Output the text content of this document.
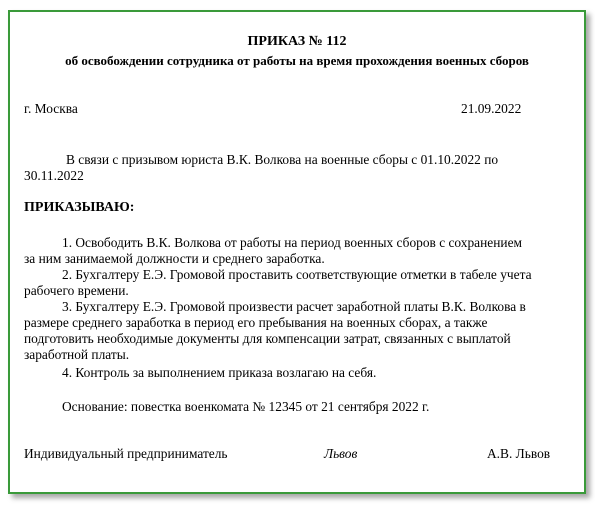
ПРИКАЗ № 112
об освобождении сотрудника от работы на время прохождения военных сборов
г. Москва	21.09.2022
В связи с призывом юриста В.К. Волкова на военные сборы с 01.10.2022 по
30.11.2022
ПРИКАЗЫВАЮ:
1. Освободить В.К. Волкова от работы на период военных сборов с сохранением
за ним занимаемой должности и среднего заработка.
2. Бухгалтеру Е.Э. Громовой проставить соответствующие отметки в табеле учета
рабочего времени.
3. Бухгалтеру Е.Э. Громовой произвести расчет заработной платы В.К. Волкова в
размере среднего заработка в период его пребывания на военных сборах, а также
подготовить необходимые документы для компенсации затрат, связанных с выплатой
заработной платы.
4. Контроль за выполнением приказа возлагаю на себя.
Основание: повестка военкомата № 12345 от 21 сентября 2022 г.
Индивидуальный предприниматель	Львов	А.В. Львов
